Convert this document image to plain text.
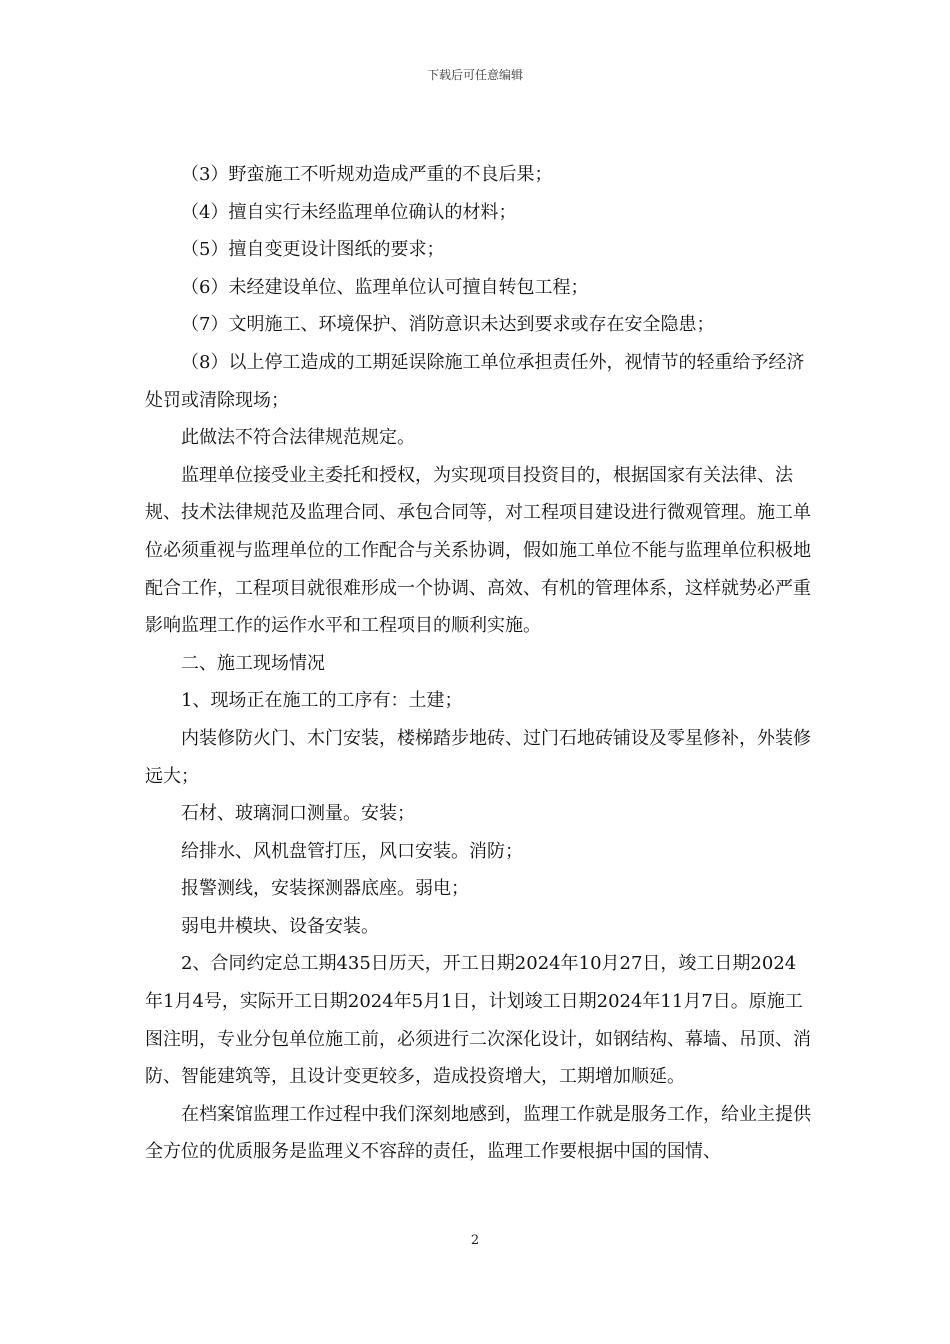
下载后可任意编辑

（3）野蛮施工不听规劝造成严重的不良后果；

（4）擅自实行未经监理单位确认的材料；

（5）擅自变更设计图纸的要求；

（6）未经建设单位、监理单位认可擅自转包工程；

（7）文明施工、环境保护、消防意识未达到要求或存在安全隐患；

（8）以上停工造成的工期延误除施工单位承担责任外，视情节的轻重给予经济处罚或清除现场；

此做法不符合法律规范规定。

监理单位接受业主委托和授权，为实现项目投资目的，根据国家有关法律、法规、技术法律规范及监理合同、承包合同等，对工程项目建设进行微观管理。施工单位必须重视与监理单位的工作配合与关系协调，假如施工单位不能与监理单位积极地配合工作，工程项目就很难形成一个协调、高效、有机的管理体系，这样就势必严重影响监理工作的运作水平和工程项目的顺利实施。

二、施工现场情况

1、现场正在施工的工序有：土建；

内装修防火门、木门安装，楼梯踏步地砖、过门石地砖铺设及零星修补，外装修远大；

石材、玻璃洞口测量。安装；

给排水、风机盘管打压，风口安装。消防；

报警测线，安装探测器底座。弱电；

弱电井模块、设备安装。

2、合同约定总工期435日历天，开工日期2024年10月27日，竣工日期2024年1月4号，实际开工日期2024年5月1日，计划竣工日期2024年11月7日。原施工图注明，专业分包单位施工前，必须进行二次深化设计，如钢结构、幕墙、吊顶、消防、智能建筑等，且设计变更较多，造成投资增大，工期增加顺延。

在档案馆监理工作过程中我们深刻地感到，监理工作就是服务工作，给业主提供全方位的优质服务是监理义不容辞的责任，监理工作要根据中国的国情、

2
